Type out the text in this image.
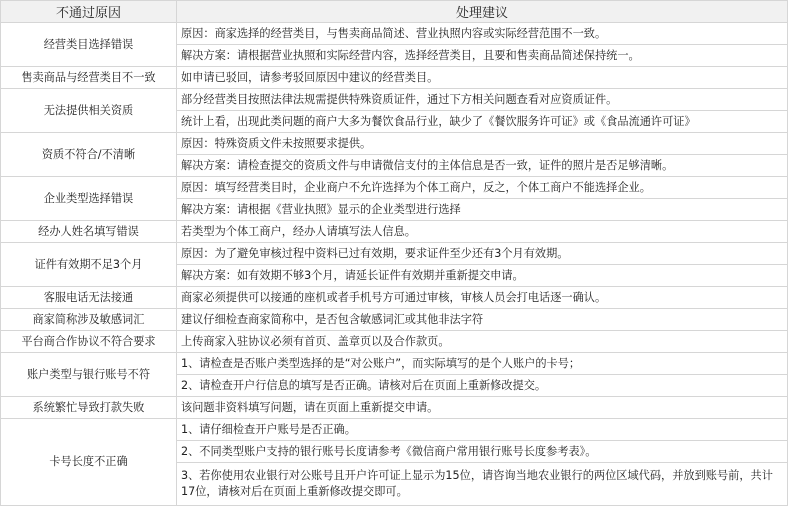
不通过原因	处理建议
经营类目选择错误	原因：商家选择的经营类目，与售卖商品简述、营业执照内容或实际经营范围不一致。
	解决方案：请根据营业执照和实际经营内容，选择经营类目，且要和售卖商品简述保持统一。
售卖商品与经营类目不一致	如申请已驳回，请参考驳回原因中建议的经营类目。
无法提供相关资质	部分经营类目按照法律法规需提供特殊资质证件，通过下方相关问题查看对应资质证件。
	统计上看，出现此类问题的商户大多为餐饮食品行业，缺少了《餐饮服务许可证》或《食品流通许可证》
资质不符合/不清晰	原因：特殊资质文件未按照要求提供。
	解决方案：请检查提交的资质文件与申请微信支付的主体信息是否一致，证件的照片是否足够清晰。
企业类型选择错误	原因：填写经营类目时，企业商户不允许选择为个体工商户，反之，个体工商户不能选择企业。
	解决方案：请根据《营业执照》显示的企业类型进行选择
经办人姓名填写错误	若类型为个体工商户，经办人请填写法人信息。
证件有效期不足3个月	原因：为了避免审核过程中资料已过有效期，要求证件至少还有3个月有效期。
	解决方案：如有效期不够3个月，请延长证件有效期并重新提交申请。
客服电话无法接通	商家必须提供可以接通的座机或者手机号方可通过审核，审核人员会打电话逐一确认。
商家简称涉及敏感词汇	建议仔细检查商家简称中，是否包含敏感词汇或其他非法字符
平台商合作协议不符合要求	上传商家入驻协议必须有首页、盖章页以及合作款页。
账户类型与银行账号不符	1、请检查是否账户类型选择的是“对公账户”，而实际填写的是个人账户的卡号；
	2、请检查开户行信息的填写是否正确。请核对后在页面上重新修改提交。
系统繁忙导致打款失败	该问题非资料填写问题，请在页面上重新提交申请。
卡号长度不正确	1、请仔细检查开户账号是否正确。
	2、不同类型账户支持的银行账号长度请参考《微信商户常用银行账号长度参考表》。
	3、若你使用农业银行对公账号且开户许可证上显示为15位，请咨询当地农业银行的两位区域代码，并放到账号前，共计17位，请核对后在页面上重新修改提交即可。
